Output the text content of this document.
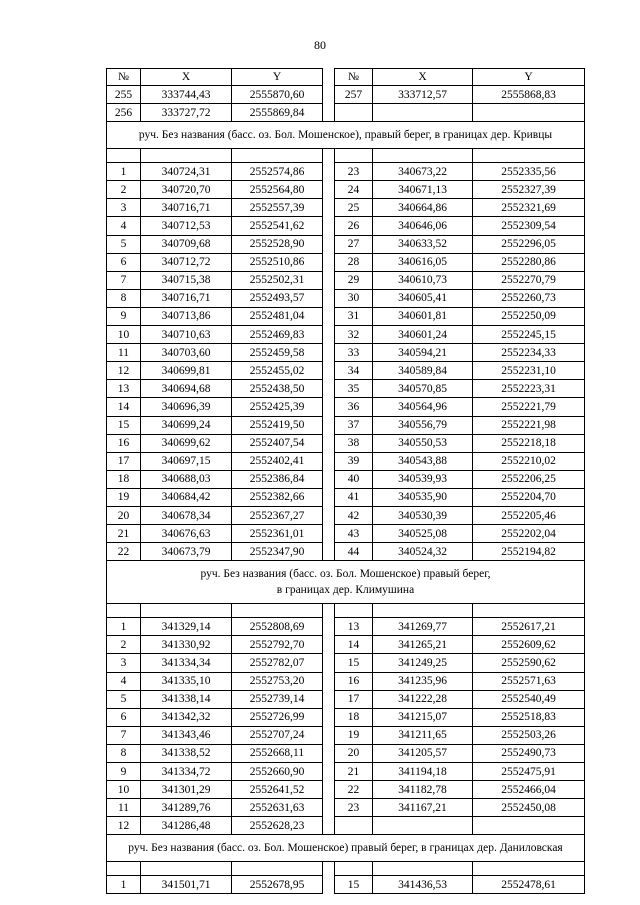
80
№	X	Y		№	X	Y
255	333744,43	2555870,60		257	333712,57	2555868,83
256	333727,72	2555869,84				

руч. Без названия (басс. оз. Бол. Мошенское), правый берег, в границах дер. Кривцы						

1	340724,31	2552574,86		23	340673,22	2552335,56
2	340720,70	2552564,80		24	340671,13	2552327,39
3	340716,71	2552557,39		25	340664,86	2552321,69
4	340712,53	2552541,62		26	340646,06	2552309,54
5	340709,68	2552528,90		27	340633,52	2552296,05
6	340712,72	2552510,86		28	340616,05	2552280,86
7	340715,38	2552502,31		29	340610,73	2552270,79
8	340716,71	2552493,57		30	340605,41	2552260,73
9	340713,86	2552481,04		31	340601,81	2552250,09
10	340710,63	2552469,83		32	340601,24	2552245,15
11	340703,60	2552459,58		33	340594,21	2552234,33
12	340699,81	2552455,02		34	340589,84	2552231,10
13	340694,68	2552438,50		35	340570,85	2552223,31
14	340696,39	2552425,39		36	340564,96	2552221,79
15	340699,24	2552419,50		37	340556,79	2552221,98
16	340699,62	2552407,54		38	340550,53	2552218,18
17	340697,15	2552402,41		39	340543,88	2552210,02
18	340688,03	2552386,84		40	340539,93	2552206,25
19	340684,42	2552382,66		41	340535,90	2552204,70
20	340678,34	2552367,27		42	340530,39	2552205,46
21	340676,63	2552361,01		43	340525,08	2552202,04
22	340673,79	2552347,90		44	340524,32	2552194,82

руч. Без названия (басс. оз. Бол. Мошенское) правый берег,
в границах дер. Климушина						

1	341329,14	2552808,69		13	341269,77	2552617,21
2	341330,92	2552792,70		14	341265,21	2552609,62
3	341334,34	2552782,07		15	341249,25	2552590,62
4	341335,10	2552753,20		16	341235,96	2552571,63
5	341338,14	2552739,14		17	341222,28	2552540,49
6	341342,32	2552726,99		18	341215,07	2552518,83
7	341343,46	2552707,24		19	341211,65	2552503,26
8	341338,52	2552668,11		20	341205,57	2552490,73
9	341334,72	2552660,90		21	341194,18	2552475,91
10	341301,29	2552641,52		22	341182,78	2552466,04
11	341289,76	2552631,63		23	341167,21	2552450,08
12	341286,48	2552628,23				

руч. Без названия (басс. оз. Бол. Мошенское) правый берег, в границах дер. Даниловская						

1	341501,71	2552678,95		15	341436,53	2552478,61
